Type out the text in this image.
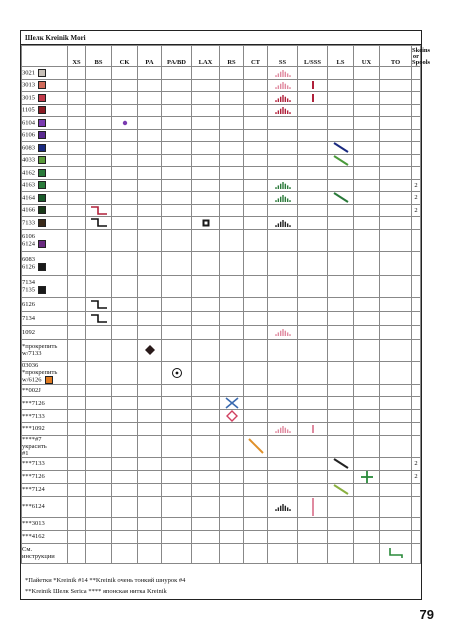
Шелк Kreinik Mori
	XS	BS	CK	PA	PA/BD	LAX	RS	CT	SS	L/SSS	LS	UX	TO	Skeins
or
Spools
3021									

3013									

3015									

1105									

6104			

6106														
6083											

4033											

4162														
4163														2
4164														2
4166														2
7133		

6106
6124														
6083
6126														
7134
7135														
6126		

7134		

1092									

*прокрепить
w/7133				

03036
*прокрепить
w/6126					

**002J														
***7126							

***7133							

***1092									

****#7
украсить
#1								

***7133														2
***7126														2
***7124											

***6124									

***3013														
***4162														
См.
инструкции													

*Пайетки *Kreinik #14 **Kreinik очень тонкий шнурок #4
**Kreinik Шелк Serica **** японская нитка Kreinik
79
